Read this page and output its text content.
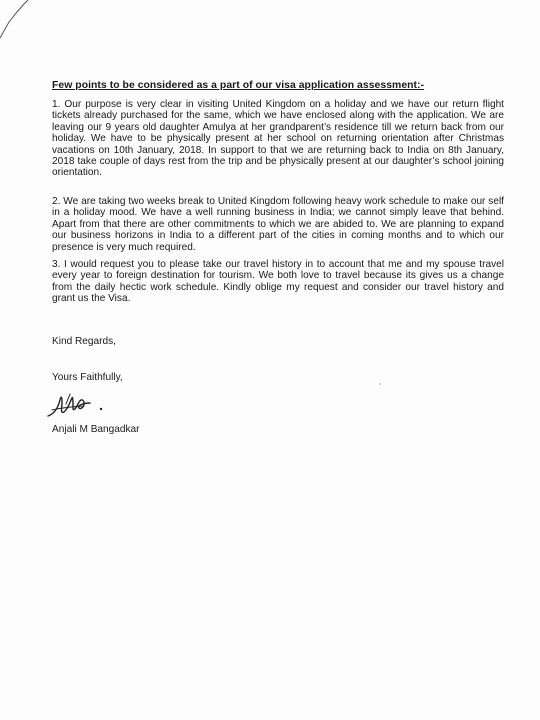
Few points to be considered as a part of our visa application assessment:-

1. Our purpose is very clear in visiting United Kingdom on a holiday and we have our return flight tickets already purchased for the same, which we have enclosed along with the application. We are leaving our 9 years old daughter Amulya at her grandparent’s residence till we return back from our holiday. We have to be physically present at her school on returning orientation after Christmas vacations on 10th January, 2018. In support to that we are returning back to India on 8th January, 2018 take couple of days rest from the trip and be physically present at our daughter’s school joining orientation.

2. We are taking two weeks break to United Kingdom following heavy work schedule to make our self in a holiday mood. We have a well running business in India; we cannot simply leave that behind. Apart from that there are other commitments to which we are abided to. We are planning to expand our business horizons in India to a different part of the cities in coming months and to which our presence is very much required.

3. I would request you to please take our travel history in to account that me and my spouse travel every year to foreign destination for tourism. We both love to travel because its gives us a change from the daily hectic work schedule. Kindly oblige my request and consider our travel history and grant us the Visa.

Kind Regards,
Yours Faithfully,
Anjali M Bangadkar
